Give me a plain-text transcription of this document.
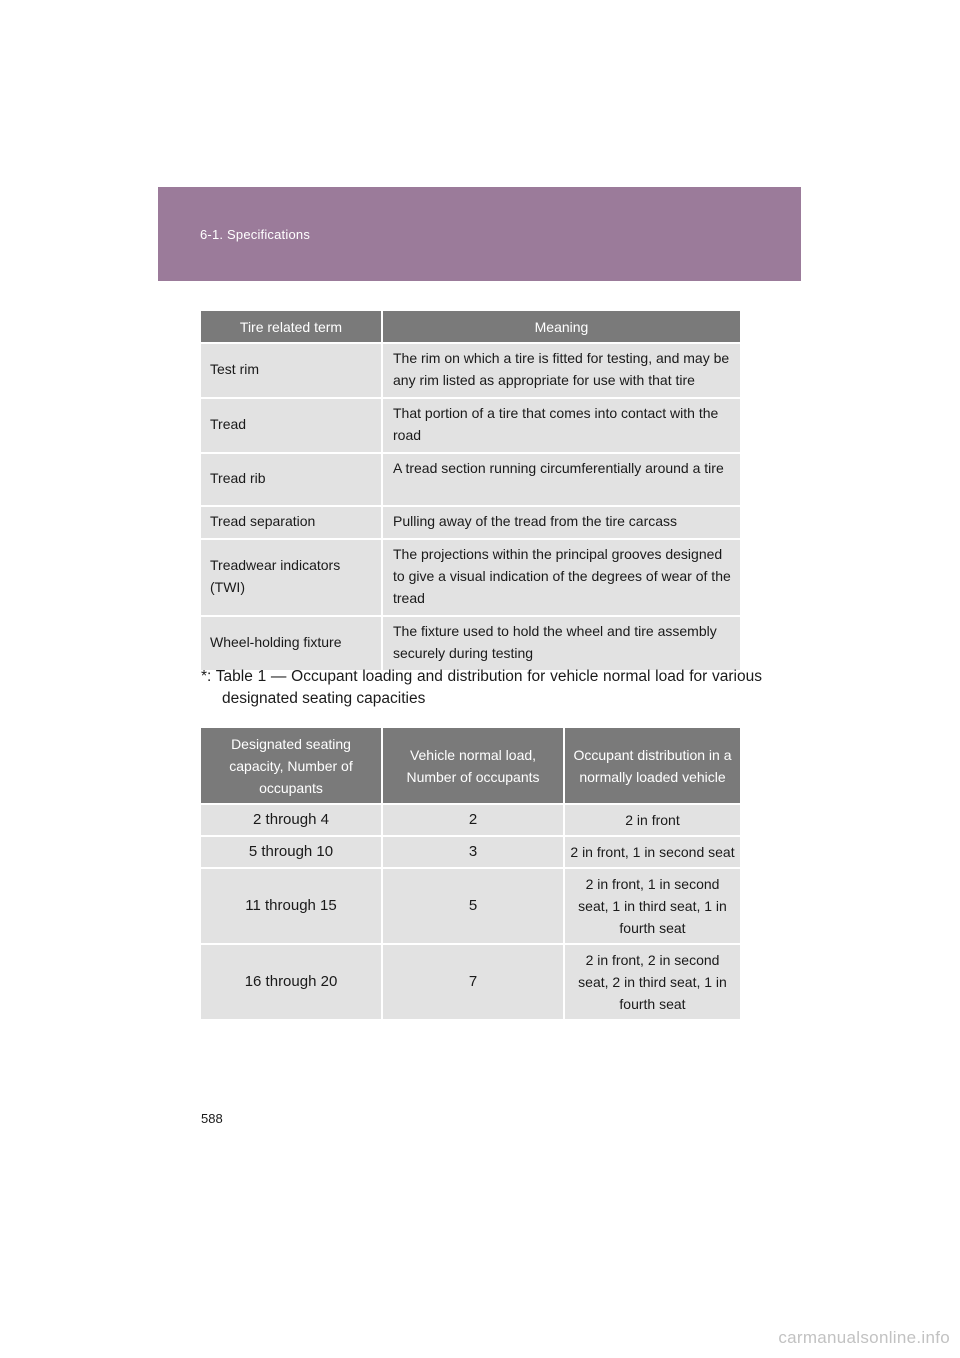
6-1. Specifications
Tire related term	Meaning
Test rim	The rim on which a tire is fitted for testing, and may be any rim listed as appropriate for use with that tire
Tread	That portion of a tire that comes into contact with the road
Tread rib	A tread section running circumferentially around a tire
Tread separation	Pulling away of the tread from the tire carcass
Treadwear indicators (TWI)	The projections within the principal grooves designed to give a visual indication of the degrees of wear of the tread
Wheel-holding fixture	The fixture used to hold the wheel and tire assembly securely during testing
*: Table 1 — Occupant loading and distribution for vehicle normal load for various designated seating capacities
Designated seating capacity, Number of occupants	Vehicle normal load, Number of occupants	Occupant distribution in a normally loaded vehicle
2 through 4	2	2 in front
5 through 10	3	2 in front, 1 in second seat
11 through 15	5	2 in front, 1 in second seat, 1 in third seat, 1 in fourth seat
16 through 20	7	2 in front, 2 in second seat, 2 in third seat, 1 in fourth seat
588
carmanualsonline.info
